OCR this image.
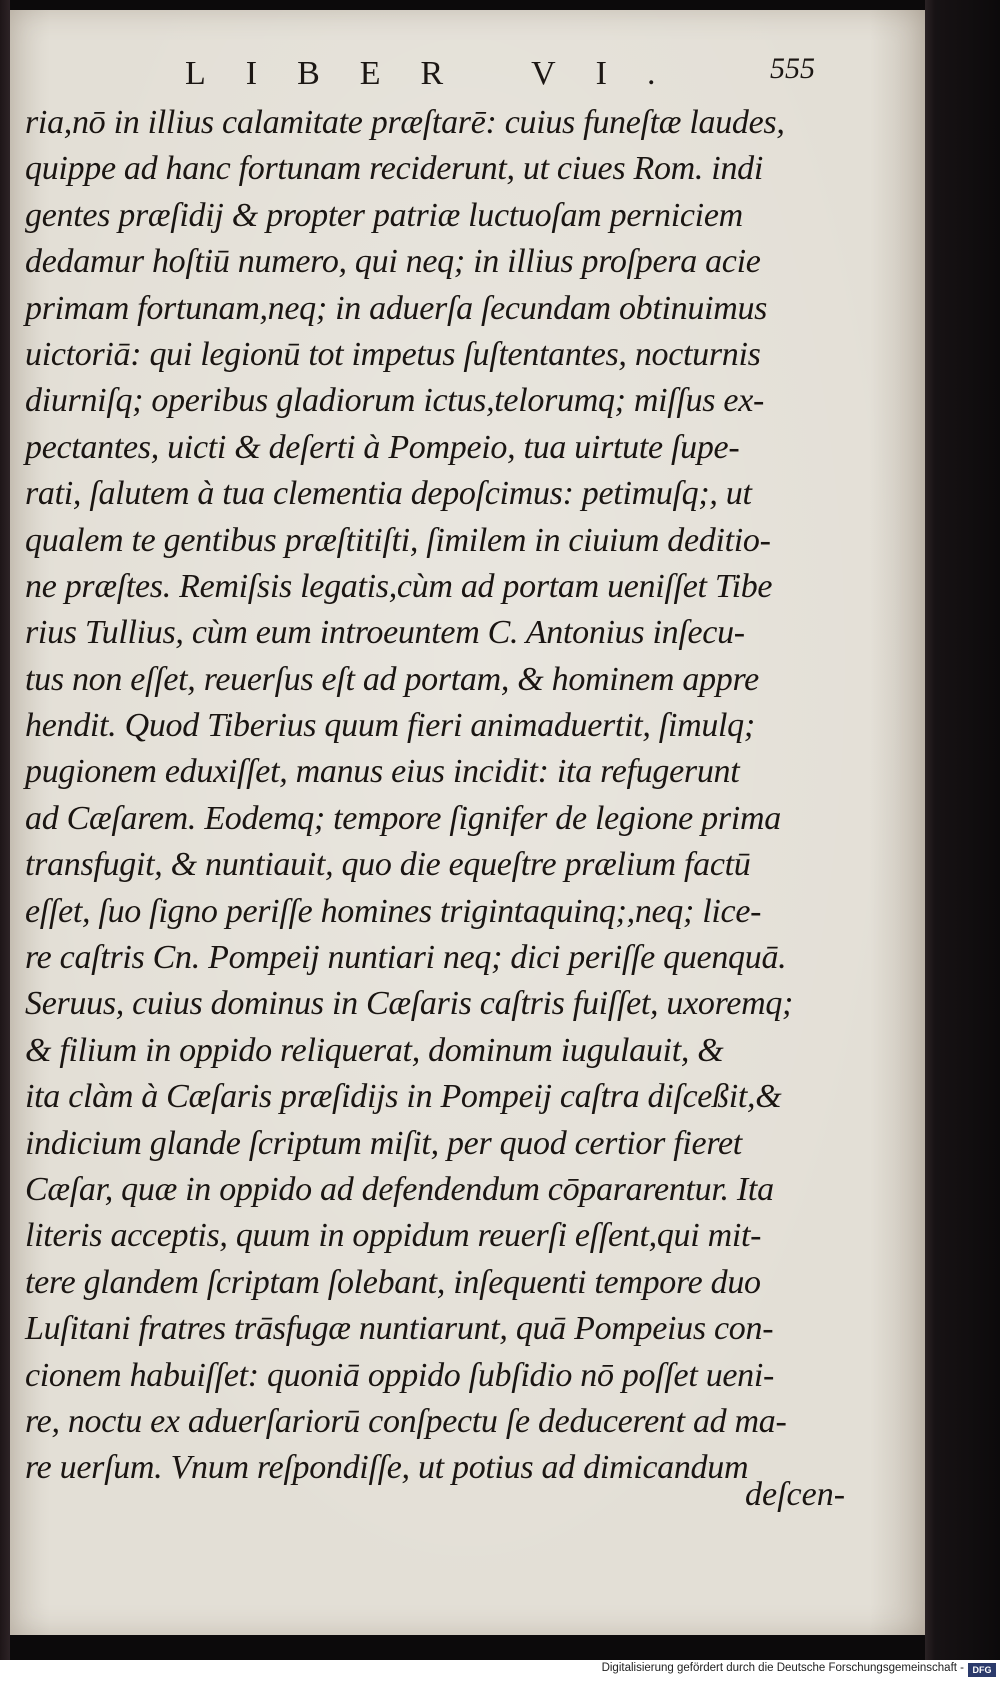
LIBER VI.	555
ria,nō in illius calamitate præſtarē: cuius funeſtæ laudes,
quippe ad hanc fortunam reciderunt, ut ciues Rom. indi
gentes præſidij & propter patriæ luctuoſam perniciem
dedamur hoſtiū numero, qui neq; in illius proſpera acie
primam fortunam,neq; in aduerſa ſecundam obtinuimus
uictoriā: qui legionū tot impetus ſuſtentantes, nocturnis
diurniſq; operibus gladiorum ictus,telorumq; miſſus ex-
pectantes, uicti & deſerti à Pompeio, tua uirtute ſupe-
rati, ſalutem à tua clementia depoſcimus: petimuſq;, ut
qualem te gentibus præſtitiſti, ſimilem in ciuium deditio-
ne præſtes. Remiſsis legatis,cùm ad portam ueniſſet Tibe
rius Tullius, cùm eum introeuntem C. Antonius inſecu-
tus non eſſet, reuerſus eſt ad portam, & hominem appre
hendit. Quod Tiberius quum fieri animaduertit, ſimulq;
pugionem eduxiſſet, manus eius incidit: ita refugerunt
ad Cæſarem. Eodemq; tempore ſignifer de legione prima
transfugit, & nuntiauit, quo die equeſtre prælium factū
eſſet, ſuo ſigno periſſe homines trigintaquinq;,neq; lice-
re caſtris Cn. Pompeij nuntiari neq; dici periſſe quenquā.
Seruus, cuius dominus in Cæſaris caſtris fuiſſet, uxoremq;
& filium in oppido reliquerat, dominum iugulauit, &
ita clàm à Cæſaris præſidijs in Pompeij caſtra diſceßit,&
indicium glande ſcriptum miſit, per quod certior fieret
Cæſar, quæ in oppido ad defendendum cōpararentur. Ita
literis acceptis, quum in oppidum reuerſi eſſent,qui mit-
tere glandem ſcriptam ſolebant, inſequenti tempore duo
Luſitani fratres trāsfugæ nuntiarunt, quā Pompeius con-
cionem habuiſſet: quoniā oppido ſubſidio nō poſſet ueni-
re, noctu ex aduerſariorū conſpectu ſe deducerent ad ma-
re uerſum. Vnum reſpondiſſe, ut potius ad dimicandum
deſcen-
Digitalisierung gefördert durch die Deutsche Forschungsgemeinschaft - DFG
